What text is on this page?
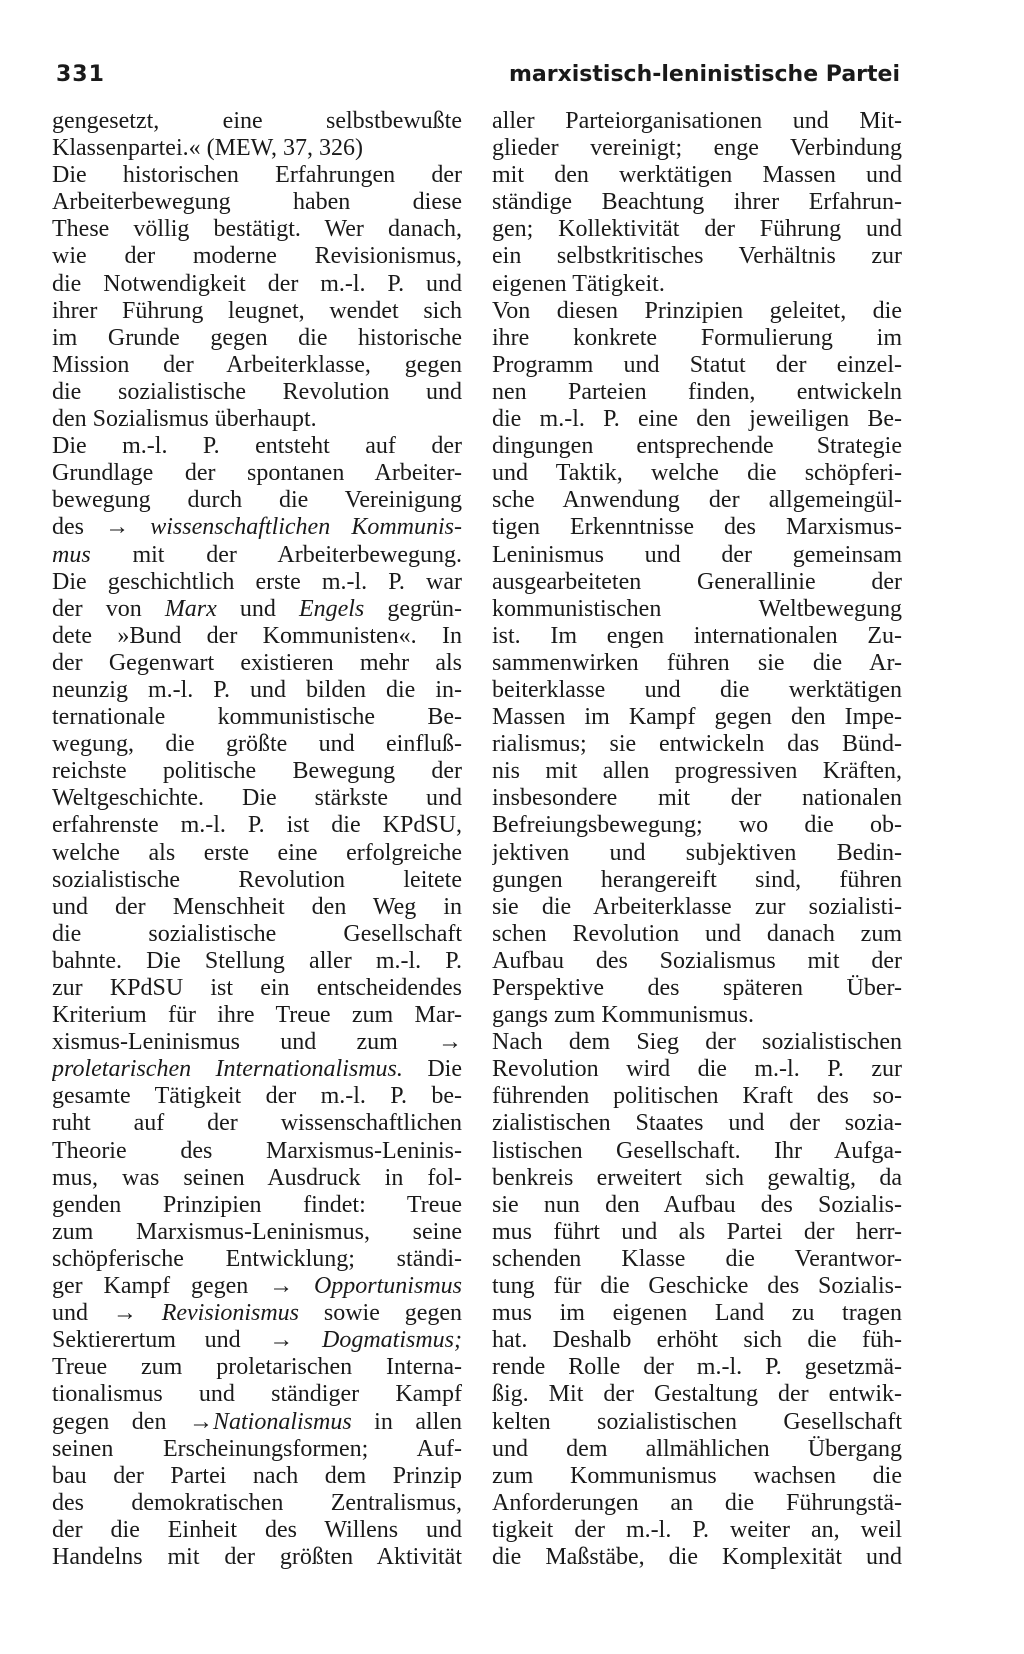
331	marxistisch-leninistische Partei
gengesetzt, eine selbstbewußte
Klassenpartei.« (MEW, 37, 326)
Die historischen Erfahrungen der
Arbeiterbewegung haben diese
These völlig bestätigt. Wer danach,
wie der moderne Revisionismus,
die Notwendigkeit der m.-l. P. und
ihrer Führung leugnet, wendet sich
im Grunde gegen die historische
Mission der Arbeiterklasse, gegen
die sozialistische Revolution und
den Sozialismus überhaupt.
Die m.-l. P. entsteht auf der
Grundlage der spontanen Arbeiter-
bewegung durch die Vereinigung
des → wissenschaftlichen Kommunis-
mus mit der Arbeiterbewegung.
Die geschichtlich erste m.-l. P. war
der von Marx und Engels gegrün-
dete »Bund der Kommunisten«. In
der Gegenwart existieren mehr als
neunzig m.-l. P. und bilden die in-
ternationale kommunistische Be-
wegung, die größte und einfluß-
reichste politische Bewegung der
Weltgeschichte. Die stärkste und
erfahrenste m.-l. P. ist die KPdSU,
welche als erste eine erfolgreiche
sozialistische Revolution leitete
und der Menschheit den Weg in
die sozialistische Gesellschaft
bahnte. Die Stellung aller m.-l. P.
zur KPdSU ist ein entscheidendes
Kriterium für ihre Treue zum Mar-
xismus-Leninismus und zum →
proletarischen Internationalismus. Die
gesamte Tätigkeit der m.-l. P. be-
ruht auf der wissenschaftlichen
Theorie des Marxismus-Leninis-
mus, was seinen Ausdruck in fol-
genden Prinzipien findet: Treue
zum Marxismus-Leninismus, seine
schöpferische Entwicklung; ständi-
ger Kampf gegen → Opportunismus
und → Revisionismus sowie gegen
Sektierertum und → Dogmatismus;
Treue zum proletarischen Interna-
tionalismus und ständiger Kampf
gegen den →Nationalismus in allen
seinen Erscheinungsformen; Auf-
bau der Partei nach dem Prinzip
des demokratischen Zentralismus,
der die Einheit des Willens und
Handelns mit der größten Aktivität
aller Parteiorganisationen und Mit-
glieder vereinigt; enge Verbindung
mit den werktätigen Massen und
ständige Beachtung ihrer Erfahrun-
gen; Kollektivität der Führung und
ein selbstkritisches Verhältnis zur
eigenen Tätigkeit.
Von diesen Prinzipien geleitet, die
ihre konkrete Formulierung im
Programm und Statut der einzel-
nen Parteien finden, entwickeln
die m.-l. P. eine den jeweiligen Be-
dingungen entsprechende Strategie
und Taktik, welche die schöpferi-
sche Anwendung der allgemeingül-
tigen Erkenntnisse des Marxismus-
Leninismus und der gemeinsam
ausgearbeiteten Generallinie der
kommunistischen Weltbewegung
ist. Im engen internationalen Zu-
sammenwirken führen sie die Ar-
beiterklasse und die werktätigen
Massen im Kampf gegen den Impe-
rialismus; sie entwickeln das Bünd-
nis mit allen progressiven Kräften,
insbesondere mit der nationalen
Befreiungsbewegung; wo die ob-
jektiven und subjektiven Bedin-
gungen herangereift sind, führen
sie die Arbeiterklasse zur sozialisti-
schen Revolution und danach zum
Aufbau des Sozialismus mit der
Perspektive des späteren Über-
gangs zum Kommunismus.
Nach dem Sieg der sozialistischen
Revolution wird die m.-l. P. zur
führenden politischen Kraft des so-
zialistischen Staates und der sozia-
listischen Gesellschaft. Ihr Aufga-
benkreis erweitert sich gewaltig, da
sie nun den Aufbau des Sozialis-
mus führt und als Partei der herr-
schenden Klasse die Verantwor-
tung für die Geschicke des Sozialis-
mus im eigenen Land zu tragen
hat. Deshalb erhöht sich die füh-
rende Rolle der m.-l. P. gesetzmä-
ßig. Mit der Gestaltung der entwik-
kelten sozialistischen Gesellschaft
und dem allmählichen Übergang
zum Kommunismus wachsen die
Anforderungen an die Führungstä-
tigkeit der m.-l. P. weiter an, weil
die Maßstäbe, die Komplexität und
